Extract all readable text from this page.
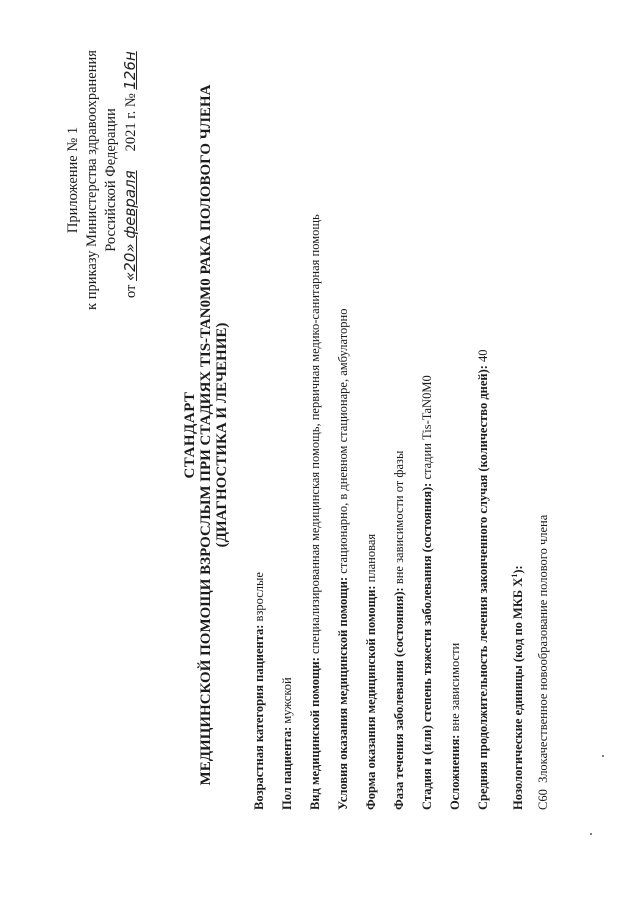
Приложение № 1 к приказу Министерства здравоохранения Российской Федерации
от «20» февраля 2021 г. № 126н
СТАНДАРТ МЕДИЦИНСКОЙ ПОМОЩИ ВЗРОСЛЫМ ПРИ СТАДИЯХ TIS-TAN0M0 РАКА ПОЛОВОГО ЧЛЕНА (ДИАГНОСТИКА И ЛЕЧЕНИЕ)
Возрастная категория пациента: взрослые
Пол пациента: мужской	Вид медицинской помощи: специализированная медицинская помощь, первичная медико-санитарная помощь
Условия оказания медицинской помощи: стационарно, в дневном стационаре, амбулаторно
Форма оказания медицинской помощи: плановая
Фаза течения заболевания (состояния): вне зависимости от фазы	Стадия и (или) степень тяжести заболевания (состояния): стадии Tis-TaN0M0
Осложнения: вне зависимости	Средняя продолжительность лечения законченного случая (количество дней): 40
Нозологические единицы (код по МКБ $X^1$):
C60  Злокачественное новообразование полового члена
